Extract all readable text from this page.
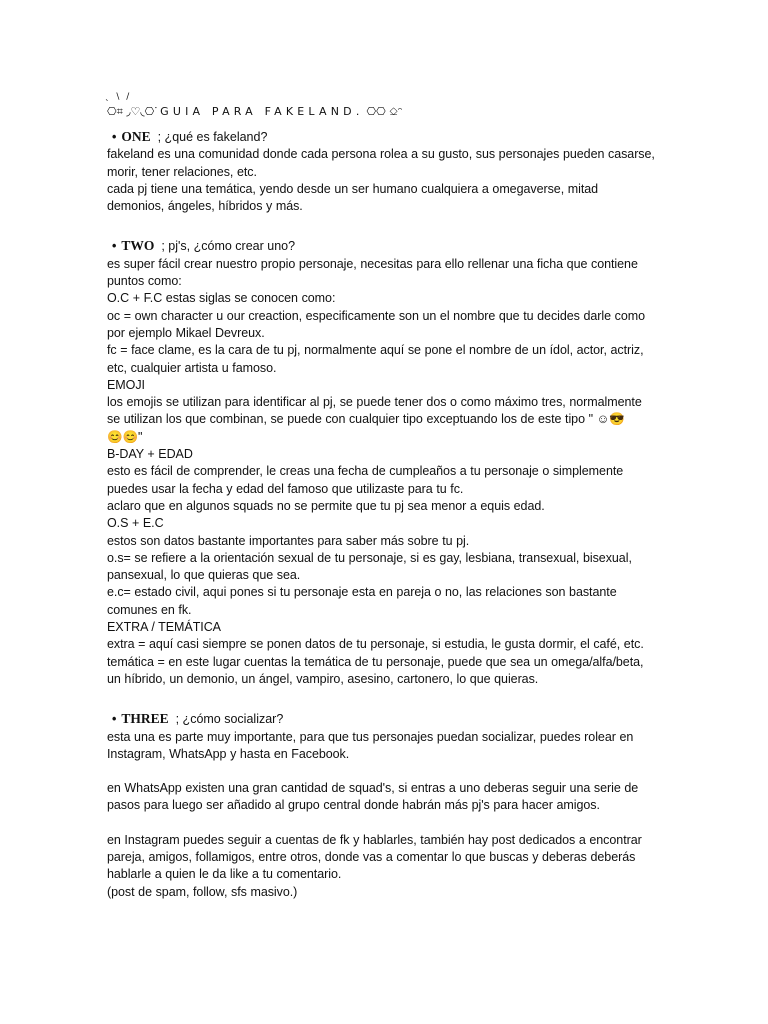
ˎ \ /
⎔⌗ ◞♡◟⎔ᐝ GUIA PARA FAKELAND. ⎔⎔ ⎐ᵔ
• ONE ; ¿qué es fakeland?
fakeland es una comunidad donde cada persona rolea a su gusto, sus personajes pueden casarse,
morir, tener relaciones, etc.
cada pj tiene una temática, yendo desde un ser humano cualquiera a omegaverse, mitad
demonios, ángeles, híbridos y más.
• TWO ; pj's, ¿cómo crear uno?
es super fácil crear nuestro propio personaje, necesitas para ello rellenar una ficha que contiene
puntos como:
O.C + F.C estas siglas se conocen como:
oc = own character u our creaction, especificamente son un el nombre que tu decides darle como
por ejemplo Mikael Devreux.
fc = face clame, es la cara de tu pj, normalmente aquí se pone el nombre de un ídol, actor, actriz,
etc, cualquier artista u famoso.
EMOJI
los emojis se utilizan para identificar al pj, se puede tener dos o como máximo tres, normalmente
se utilizan los que combinan, se puede con cualquier tipo exceptuando los de este tipo " ☺😎
😊😊"
B-DAY + EDAD
esto es fácil de comprender, le creas una fecha de cumpleaños a tu personaje o simplemente
puedes usar la fecha y edad del famoso que utilizaste para tu fc.
aclaro que en algunos squads no se permite que tu pj sea menor a equis edad.
O.S + E.C
estos son datos bastante importantes para saber más sobre tu pj.
o.s= se refiere a la orientación sexual de tu personaje, si es gay, lesbiana, transexual, bisexual,
pansexual, lo que quieras que sea.
e.c= estado civil, aqui pones si tu personaje esta en pareja o no, las relaciones son bastante
comunes en fk.
EXTRA / TEMÁTICA
extra = aquí casi siempre se ponen datos de tu personaje, si estudia, le gusta dormir, el café, etc.
temática = en este lugar cuentas la temática de tu personaje, puede que sea un omega/alfa/beta,
un híbrido, un demonio, un ángel, vampiro, asesino, cartonero, lo que quieras.
• THREE ; ¿cómo socializar?
esta una es parte muy importante, para que tus personajes puedan socializar, puedes rolear en
Instagram, WhatsApp y hasta en Facebook.
en WhatsApp existen una gran cantidad de squad's, si entras a uno deberas seguir una serie de
pasos para luego ser añadido al grupo central donde habrán más pj's para hacer amigos.
en Instagram puedes seguir a cuentas de fk y hablarles, también hay post dedicados a encontrar
pareja, amigos, follamigos, entre otros, donde vas a comentar lo que buscas y deberas deberás
hablarle a quien le da like a tu comentario.
(post de spam, follow, sfs masivo.)
